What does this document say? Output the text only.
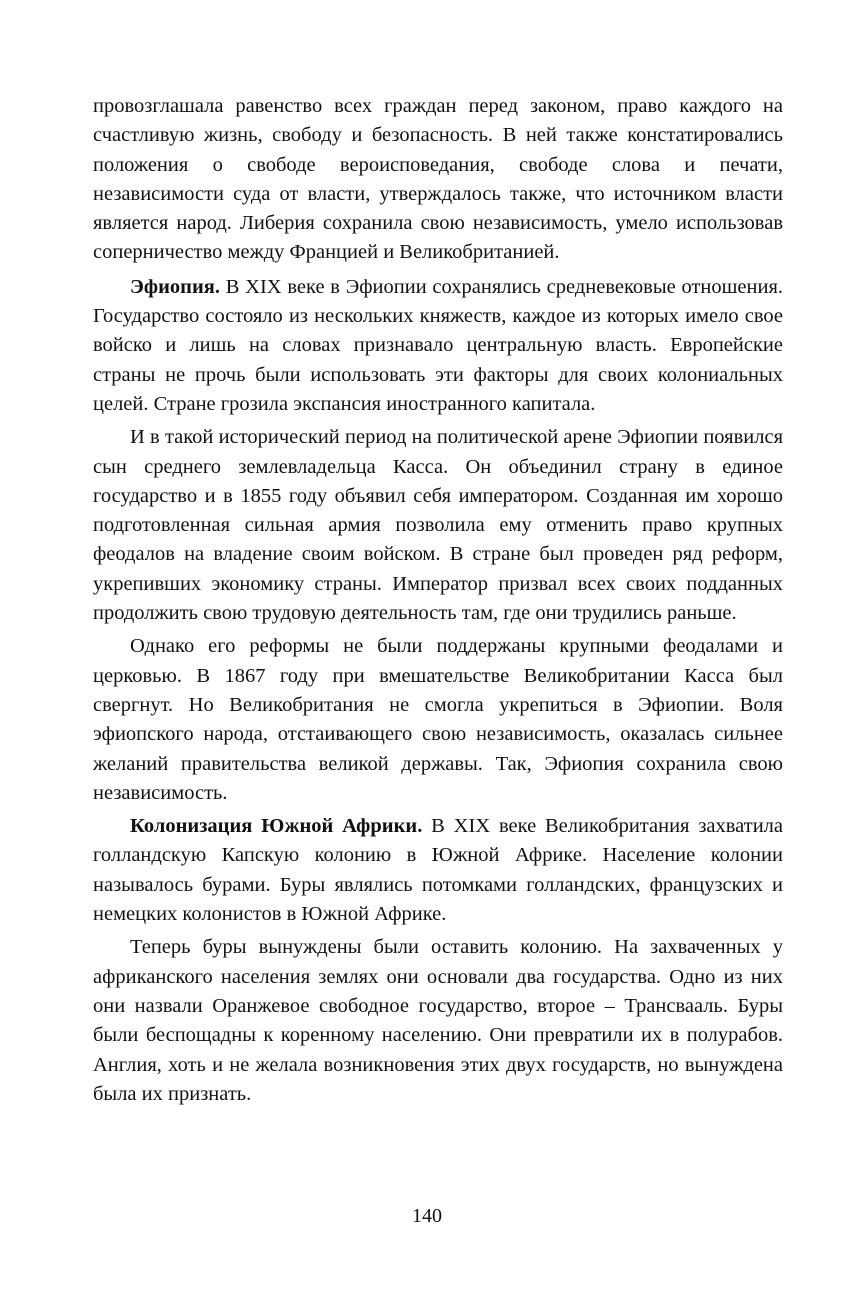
провозглашала равенство всех граждан перед законом, право каждого на счастливую жизнь, свободу и безопасность. В ней также констатировались положения о свободе вероисповедания, свободе слова и печати, независимости суда от власти, утверждалось также, что источником власти является народ. Либерия сохранила свою независимость, умело использовав соперничество между Францией и Великобританией.

Эфиопия. В XIX веке в Эфиопии сохранялись средневековые отношения. Государство состояло из нескольких княжеств, каждое из которых имело свое войско и лишь на словах признавало центральную власть. Европейские страны не прочь были использовать эти факторы для своих колониальных целей. Стране грозила экспансия иностранного капитала.

И в такой исторический период на политической арене Эфиопии появился сын среднего землевладельца Касса. Он объединил страну в единое государство и в 1855 году объявил себя императором. Созданная им хорошо подготовленная сильная армия позволила ему отменить право крупных феодалов на владение своим войском. В стране был проведен ряд реформ, укрепивших экономику страны. Император призвал всех своих подданных продолжить свою трудовую деятельность там, где они трудились раньше.

Однако его реформы не были поддержаны крупными феодалами и церковью. В 1867 году при вмешательстве Великобритании Касса был свергнут. Но Великобритания не смогла укрепиться в Эфиопии. Воля эфиопского народа, отстаивающего свою независимость, оказалась сильнее желаний правительства великой державы. Так, Эфиопия сохранила свою независимость.

Колонизация Южной Африки. В XIX веке Великобритания захватила голландскую Капскую колонию в Южной Африке. Население колонии называлось бурами. Буры являлись потомками голландских, французских и немецких колонистов в Южной Африке.

Теперь буры вынуждены были оставить колонию. На захваченных у африканского населения землях они основали два государства. Одно из них они назвали Оранжевое свободное государство, второе – Трансвааль. Буры были беспощадны к коренному населению. Они превратили их в полурабов. Англия, хоть и не желала возникновения этих двух государств, но вынуждена была их признать.

140
